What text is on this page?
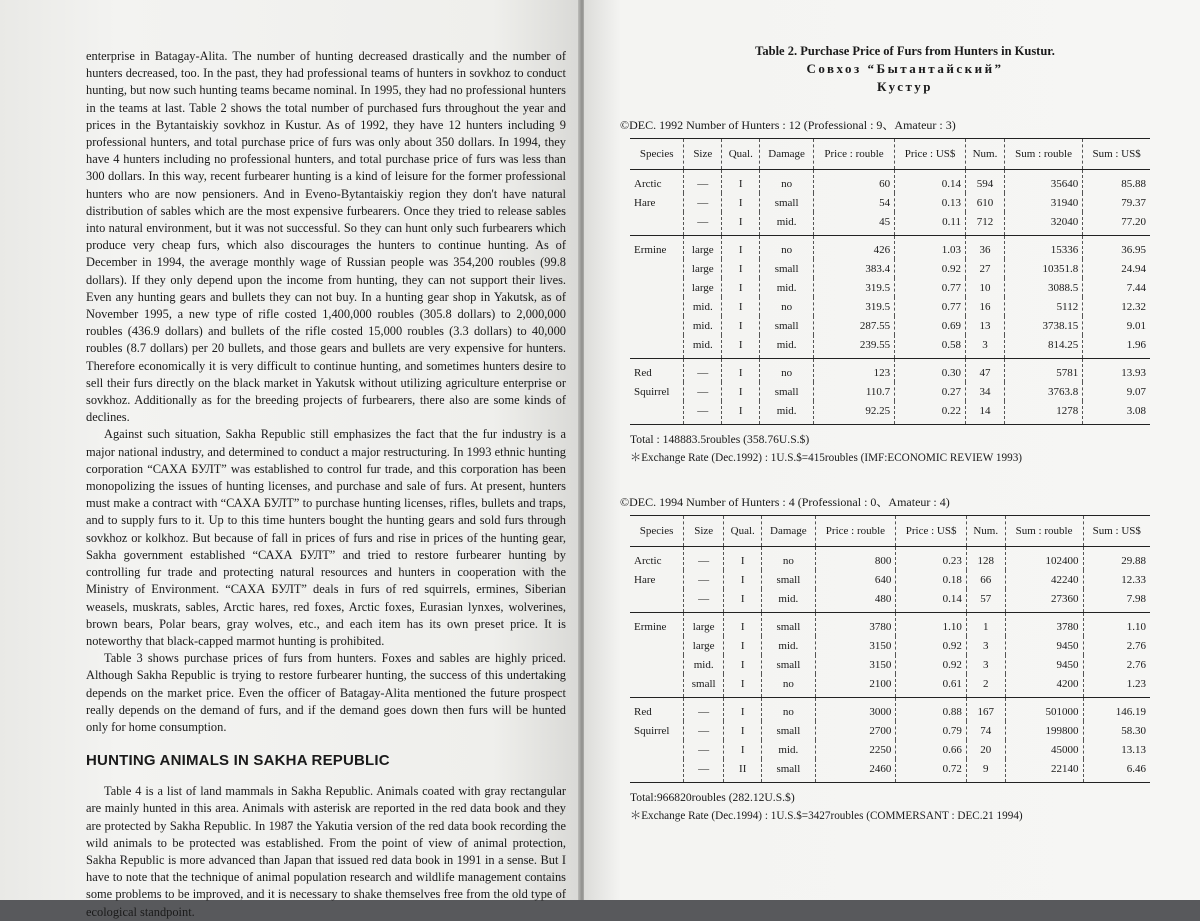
enterprise in Batagay-Alita. The number of hunting decreased drastically and the number of hunters decreased, too. In the past, they had professional teams of hunters in sovkhoz to conduct hunting, but now such hunting teams became nominal. In 1995, they had no professional hunters in the teams at last. Table 2 shows the total number of purchased furs throughout the year and prices in the Bytantaiskiy sovkhoz in Kustur. As of 1992, they have 12 hunters including 9 professional hunters, and total purchase price of furs was only about 350 dollars. In 1994, they have 4 hunters including no professional hunters, and total purchase price of furs was less than 300 dollars. In this way, recent furbearer hunting is a kind of leisure for the former professional hunters who are now pensioners. And in Eveno-Bytantaiskiy region they don't have natural distribution of sables which are the most expensive furbearers. Once they tried to release sables into natural environment, but it was not successful. So they can hunt only such furbearers which produce very cheap furs, which also discourages the hunters to continue hunting. As of December in 1994, the average monthly wage of Russian people was 354,200 roubles (99.8 dollars). If they only depend upon the income from hunting, they can not support their lives. Even any hunting gears and bullets they can not buy. In a hunting gear shop in Yakutsk, as of November 1995, a new type of rifle costed 1,400,000 roubles (305.8 dollars) to 2,000,000 roubles (436.9 dollars) and bullets of the rifle costed 15,000 roubles (3.3 dollars) to 40,000 roubles (8.7 dollars) per 20 bullets, and those gears and bullets are very expensive for hunters. Therefore economically it is very difficult to continue hunting, and sometimes hunters desire to sell their furs directly on the black market in Yakutsk without utilizing agriculture enterprise or sovkhoz. Additionally as for the breeding projects of furbearers, there also are some kinds of declines.

Against such situation, Sakha Republic still emphasizes the fact that the fur industry is a major national industry, and determined to conduct a major restructuring. In 1993 ethnic hunting corporation “САХА БУЛТ” was established to control fur trade, and this corporation has been monopolizing the issues of hunting licenses, and purchase and sale of furs. At present, hunters must make a contract with “САХА БУЛТ” to purchase hunting licenses, rifles, bullets and traps, and to supply furs to it. Up to this time hunters bought the hunting gears and sold furs through sovkhoz or kolkhoz. But because of fall in prices of furs and rise in prices of the hunting gear, Sakha government established “САХА БУЛТ” and tried to restore furbearer hunting by controlling fur trade and protecting natural resources and hunters in cooperation with the Ministry of Environment. “САХА БУЛТ” deals in furs of red squirrels, ermines, Siberian weasels, muskrats, sables, Arctic hares, red foxes, Arctic foxes, Eurasian lynxes, wolverines, brown bears, Polar bears, gray wolves, etc., and each item has its own preset price. It is noteworthy that black-capped marmot hunting is prohibited.

Table 3 shows purchase prices of furs from hunters. Foxes and sables are highly priced. Although Sakha Republic is trying to restore furbearer hunting, the success of this undertaking depends on the market price. Even the officer of Batagay-Alita mentioned the future prospect really depends on the demand of furs, and if the demand goes down then furs will be hunted only for home consumption.

HUNTING ANIMALS IN SAKHA REPUBLIC

Table 4 is a list of land mammals in Sakha Republic. Animals coated with gray rectangular are mainly hunted in this area. Animals with asterisk are reported in the red data book and they are protected by Sakha Republic. In 1987 the Yakutia version of the red data book recording the wild animals to be protected was established. From the point of view of animal protection, Sakha Republic is more advanced than Japan that issued red data book in 1991 in a sense. But I have to note that the technique of animal population research and wildlife management contains some problems to be improved, and it is necessary to shake themselves free from the old type of ecological standpoint.

Table 2. Purchase Price of Furs from Hunters in Kustur.

Совхоз “Бытантайский”

Кустур

©DEC. 1992 Number of Hunters : 12 (Professional : 9、Amateur : 3)
Species	Size	Qual.	Damage	Price : rouble	Price : US$	Num.	Sum : rouble	Sum : US$
Arctic	—	I	no	60	0.14	594	35640	85.88
Hare	—	I	small	54	0.13	610	31940	79.37
	—	I	mid.	45	0.11	712	32040	77.20
Ermine	large	I	no	426	1.03	36	15336	36.95
	large	I	small	383.4	0.92	27	10351.8	24.94
	large	I	mid.	319.5	0.77	10	3088.5	7.44
	mid.	I	no	319.5	0.77	16	5112	12.32
	mid.	I	small	287.55	0.69	13	3738.15	9.01
	mid.	I	mid.	239.55	0.58	3	814.25	1.96
Red	—	I	no	123	0.30	47	5781	13.93
Squirrel	—	I	small	110.7	0.27	34	3763.8	9.07
	—	I	mid.	92.25	0.22	14	1278	3.08
Total : 148883.5roubles (358.76U.S.$)
＊Exchange Rate (Dec.1992) : 1U.S.$=415roubles (IMF:ECONOMIC REVIEW 1993)
©DEC. 1994 Number of Hunters : 4 (Professional : 0、Amateur : 4)
Species	Size	Qual.	Damage	Price : rouble	Price : US$	Num.	Sum : rouble	Sum : US$
Arctic	—	I	no	800	0.23	128	102400	29.88
Hare	—	I	small	640	0.18	66	42240	12.33
	—	I	mid.	480	0.14	57	27360	7.98
Ermine	large	I	small	3780	1.10	1	3780	1.10
	large	I	mid.	3150	0.92	3	9450	2.76
	mid.	I	small	3150	0.92	3	9450	2.76
	small	I	no	2100	0.61	2	4200	1.23
Red	—	I	no	3000	0.88	167	501000	146.19
Squirrel	—	I	small	2700	0.79	74	199800	58.30
	—	I	mid.	2250	0.66	20	45000	13.13
	—	II	small	2460	0.72	9	22140	6.46
Total:966820roubles (282.12U.S.$)
＊Exchange Rate (Dec.1994) : 1U.S.$=3427roubles (COMMERSANT : DEC.21 1994)
